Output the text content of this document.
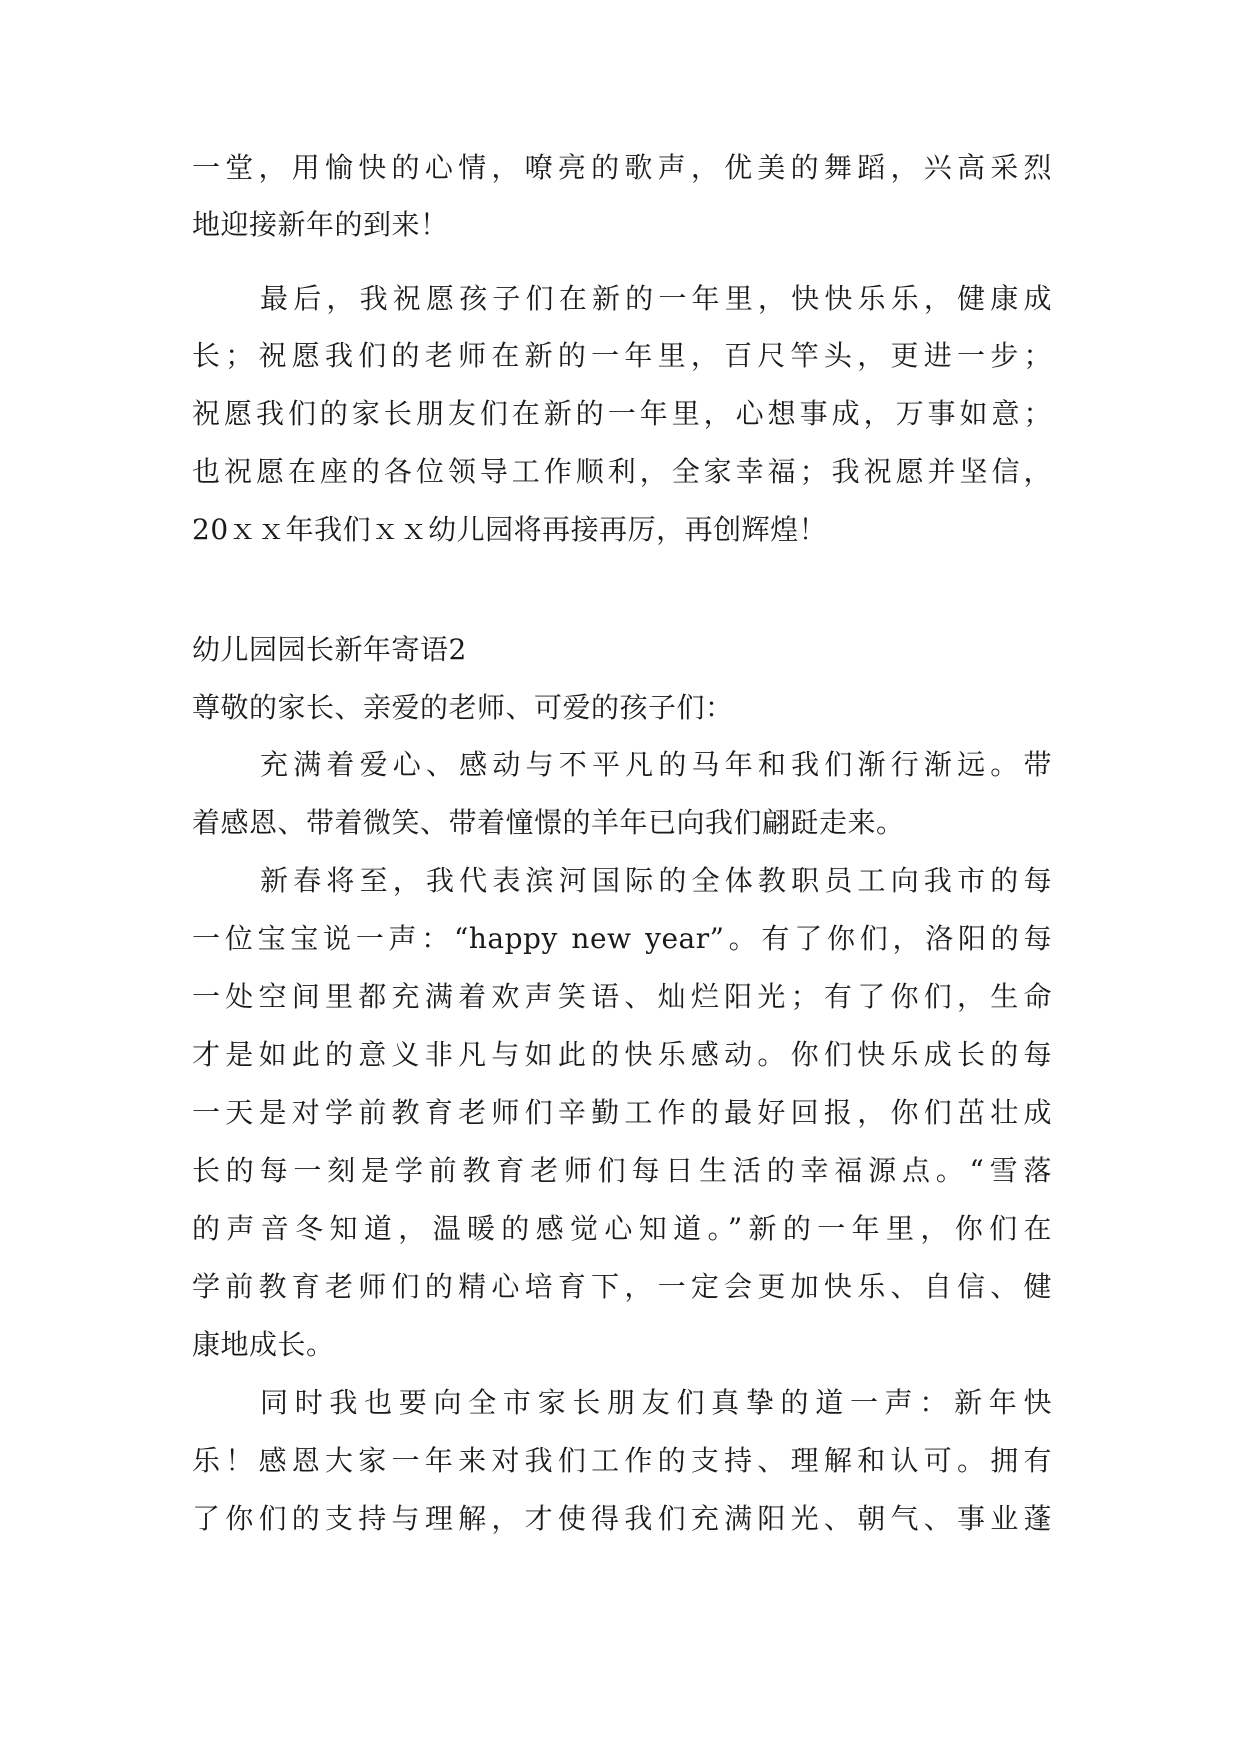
一堂，用愉快的心情，嘹亮的歌声，优美的舞蹈，兴高采烈
地迎接新年的到来！
最后，我祝愿孩子们在新的一年里，快快乐乐，健康成
长；祝愿我们的老师在新的一年里，百尺竿头，更进一步；
祝愿我们的家长朋友们在新的一年里，心想事成，万事如意；
也祝愿在座的各位领导工作顺利，全家幸福；我祝愿并坚信，
20ｘｘ年我们ｘｘ幼儿园将再接再厉，再创辉煌！
幼儿园园长新年寄语2
尊敬的家长、亲爱的老师、可爱的孩子们：
充满着爱心、感动与不平凡的马年和我们渐行渐远。带
着感恩、带着微笑、带着憧憬的羊年已向我们翩跹走来。
新春将至，我代表滨河国际的全体教职员工向我市的每
一位宝宝说一声：“happy new year”。有了你们，洛阳的每
一处空间里都充满着欢声笑语、灿烂阳光；有了你们，生命
才是如此的意义非凡与如此的快乐感动。你们快乐成长的每
一天是对学前教育老师们辛勤工作的最好回报，你们茁壮成
长的每一刻是学前教育老师们每日生活的幸福源点。“雪落
的声音冬知道，温暖的感觉心知道。”新的一年里，你们在
学前教育老师们的精心培育下，一定会更加快乐、自信、健
康地成长。
同时我也要向全市家长朋友们真挚的道一声：新年快
乐！感恩大家一年来对我们工作的支持、理解和认可。拥有
了你们的支持与理解，才使得我们充满阳光、朝气、事业蓬
